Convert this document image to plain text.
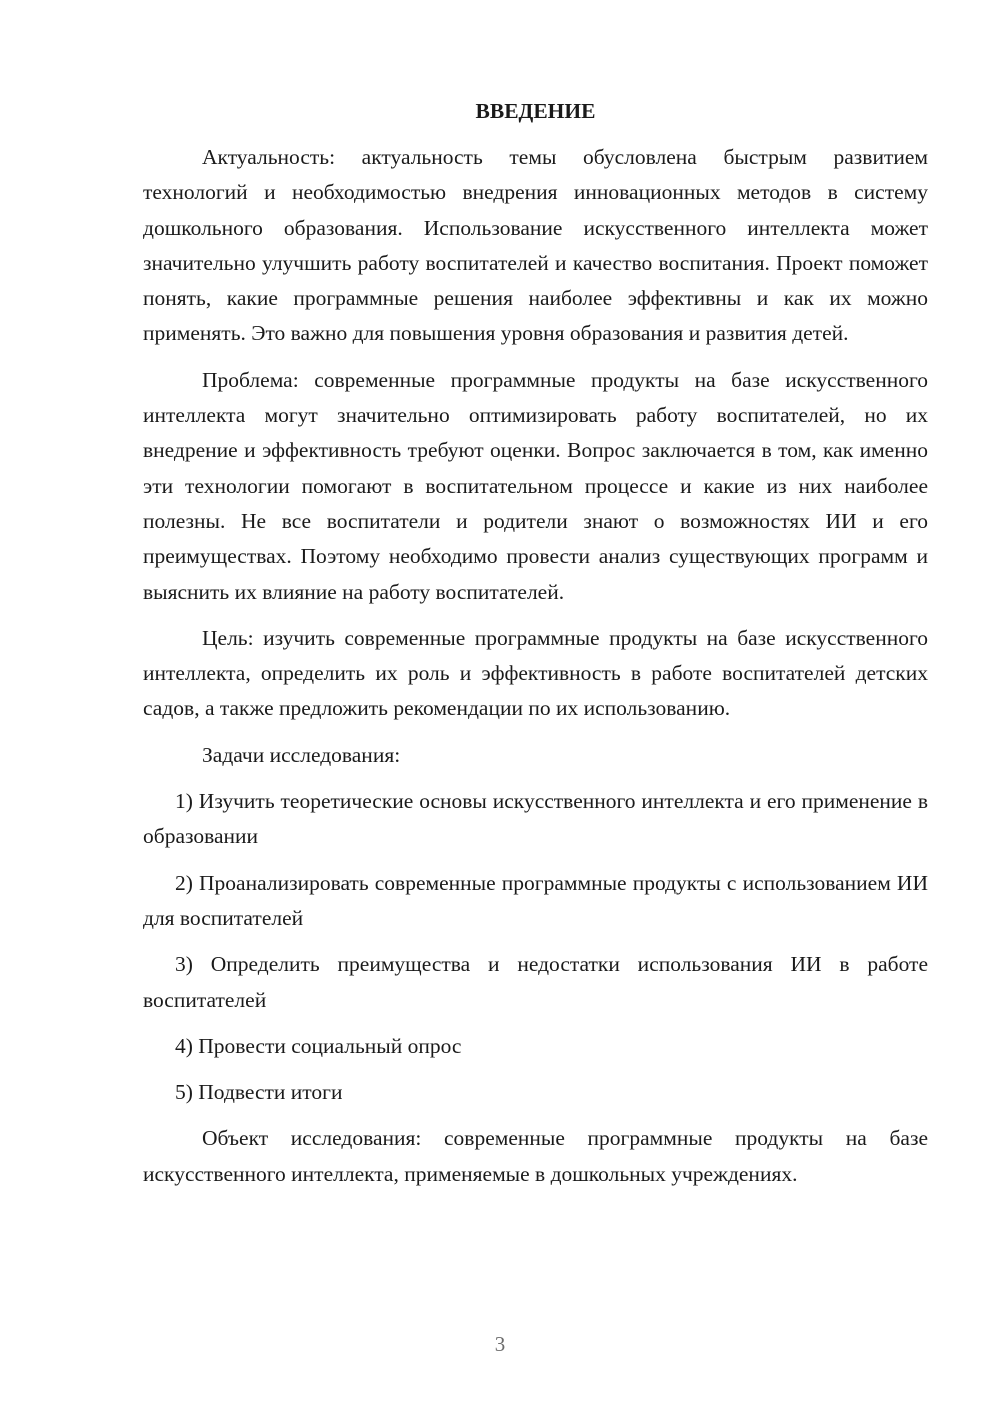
ВВЕДЕНИЕ

Актуальность: актуальность темы обусловлена быстрым развитием технологий и необходимостью внедрения инновационных методов в систему дошкольного образования. Использование искусственного интеллекта может значительно улучшить работу воспитателей и качество воспитания. Проект поможет понять, какие программные решения наиболее эффективны и как их можно применять. Это важно для повышения уровня образования и развития детей.

Проблема: современные программные продукты на базе искусственного интеллекта могут значительно оптимизировать работу воспитателей, но их внедрение и эффективность требуют оценки. Вопрос заключается в том, как именно эти технологии помогают в воспитательном процессе и какие из них наиболее полезны. Не все воспитатели и родители знают о возможностях ИИ и его преимуществах. Поэтому необходимо провести анализ существующих программ и выяснить их влияние на работу воспитателей.

Цель: изучить современные программные продукты на базе искусственного интеллекта, определить их роль и эффективность в работе воспитателей детских садов, а также предложить рекомендации по их использованию.

Задачи исследования:

1) Изучить теоретические основы искусственного интеллекта и его применение в образовании

2) Проанализировать современные программные продукты с использованием ИИ для воспитателей

3) Определить преимущества и недостатки использования ИИ в работе воспитателей

4) Провести социальный опрос

5) Подвести итоги

Объект исследования: современные программные продукты на базе искусственного интеллекта, применяемые в дошкольных учреждениях.

3
